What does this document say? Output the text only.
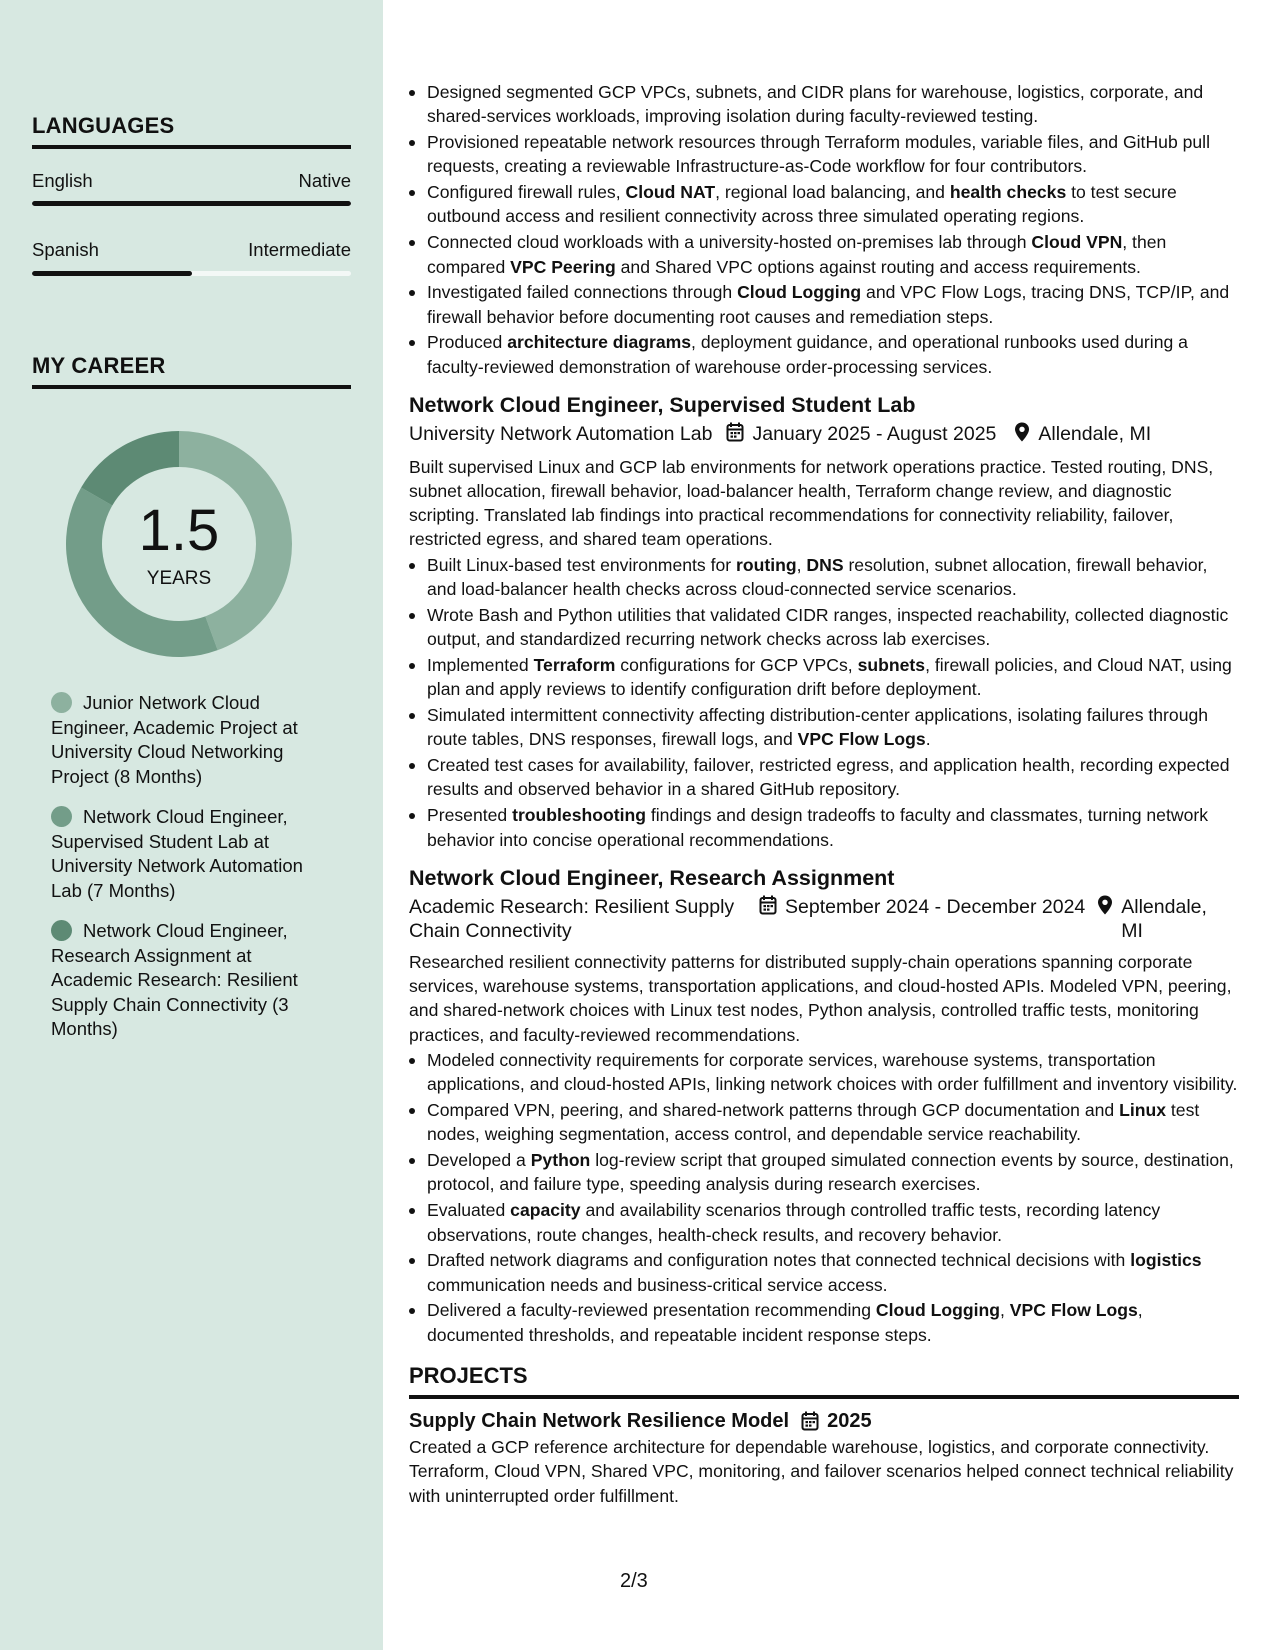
LANGUAGES
English	Native
Spanish	Intermediate
MY CAREER
1.5
YEARS
Junior Network Cloud Engineer, Academic Project at University Cloud Networking Project (8 Months)
Network Cloud Engineer, Supervised Student Lab at University Network Automation Lab (7 Months)
Network Cloud Engineer, Research Assignment at Academic Research: Resilient Supply Chain Connectivity (3 Months)
Designed segmented GCP VPCs, subnets, and CIDR plans for warehouse, logistics, corporate, and shared-services workloads, improving isolation during faculty-reviewed testing.
Provisioned repeatable network resources through Terraform modules, variable files, and GitHub pull requests, creating a reviewable Infrastructure-as-Code workflow for four contributors.
Configured firewall rules, Cloud NAT, regional load balancing, and health checks to test secure outbound access and resilient connectivity across three simulated operating regions.
Connected cloud workloads with a university-hosted on-premises lab through Cloud VPN, then compared VPC Peering and Shared VPC options against routing and access requirements.
Investigated failed connections through Cloud Logging and VPC Flow Logs, tracing DNS, TCP/IP, and firewall behavior before documenting root causes and remediation steps.
Produced architecture diagrams, deployment guidance, and operational runbooks used during a faculty-reviewed demonstration of warehouse order-processing services.
Network Cloud Engineer, Supervised Student Lab
University Network Automation Lab January 2025 - August 2025 Allendale, MI
Built supervised Linux and GCP lab environments for network operations practice. Tested routing, DNS, subnet allocation, firewall behavior, load-balancer health, Terraform change review, and diagnostic scripting. Translated lab findings into practical recommendations for connectivity reliability, failover, restricted egress, and shared team operations.
Built Linux-based test environments for routing, DNS resolution, subnet allocation, firewall behavior, and load-balancer health checks across cloud-connected service scenarios.
Wrote Bash and Python utilities that validated CIDR ranges, inspected reachability, collected diagnostic output, and standardized recurring network checks across lab exercises.
Implemented Terraform configurations for GCP VPCs, subnets, firewall policies, and Cloud NAT, using plan and apply reviews to identify configuration drift before deployment.
Simulated intermittent connectivity affecting distribution-center applications, isolating failures through route tables, DNS responses, firewall logs, and VPC Flow Logs.
Created test cases for availability, failover, restricted egress, and application health, recording expected results and observed behavior in a shared GitHub repository.
Presented troubleshooting findings and design tradeoffs to faculty and classmates, turning network behavior into concise operational recommendations.
Network Cloud Engineer, Research Assignment
Academic Research: Resilient Supply Chain Connectivity
September 2024 - December 2024 Allendale, MI
Researched resilient connectivity patterns for distributed supply-chain operations spanning corporate services, warehouse systems, transportation applications, and cloud-hosted APIs. Modeled VPN, peering, and shared-network choices with Linux test nodes, Python analysis, controlled traffic tests, monitoring practices, and faculty-reviewed recommendations.
Modeled connectivity requirements for corporate services, warehouse systems, transportation applications, and cloud-hosted APIs, linking network choices with order fulfillment and inventory visibility.
Compared VPN, peering, and shared-network patterns through GCP documentation and Linux test nodes, weighing segmentation, access control, and dependable service reachability.
Developed a Python log-review script that grouped simulated connection events by source, destination, protocol, and failure type, speeding analysis during research exercises.
Evaluated capacity and availability scenarios through controlled traffic tests, recording latency observations, route changes, health-check results, and recovery behavior.
Drafted network diagrams and configuration notes that connected technical decisions with logistics communication needs and business-critical service access.
Delivered a faculty-reviewed presentation recommending Cloud Logging, VPC Flow Logs, documented thresholds, and repeatable incident response steps.
PROJECTS
Supply Chain Network Resilience Model 2025
Created a GCP reference architecture for dependable warehouse, logistics, and corporate connectivity. Terraform, Cloud VPN, Shared VPC, monitoring, and failover scenarios helped connect technical reliability with uninterrupted order fulfillment.
2/3
